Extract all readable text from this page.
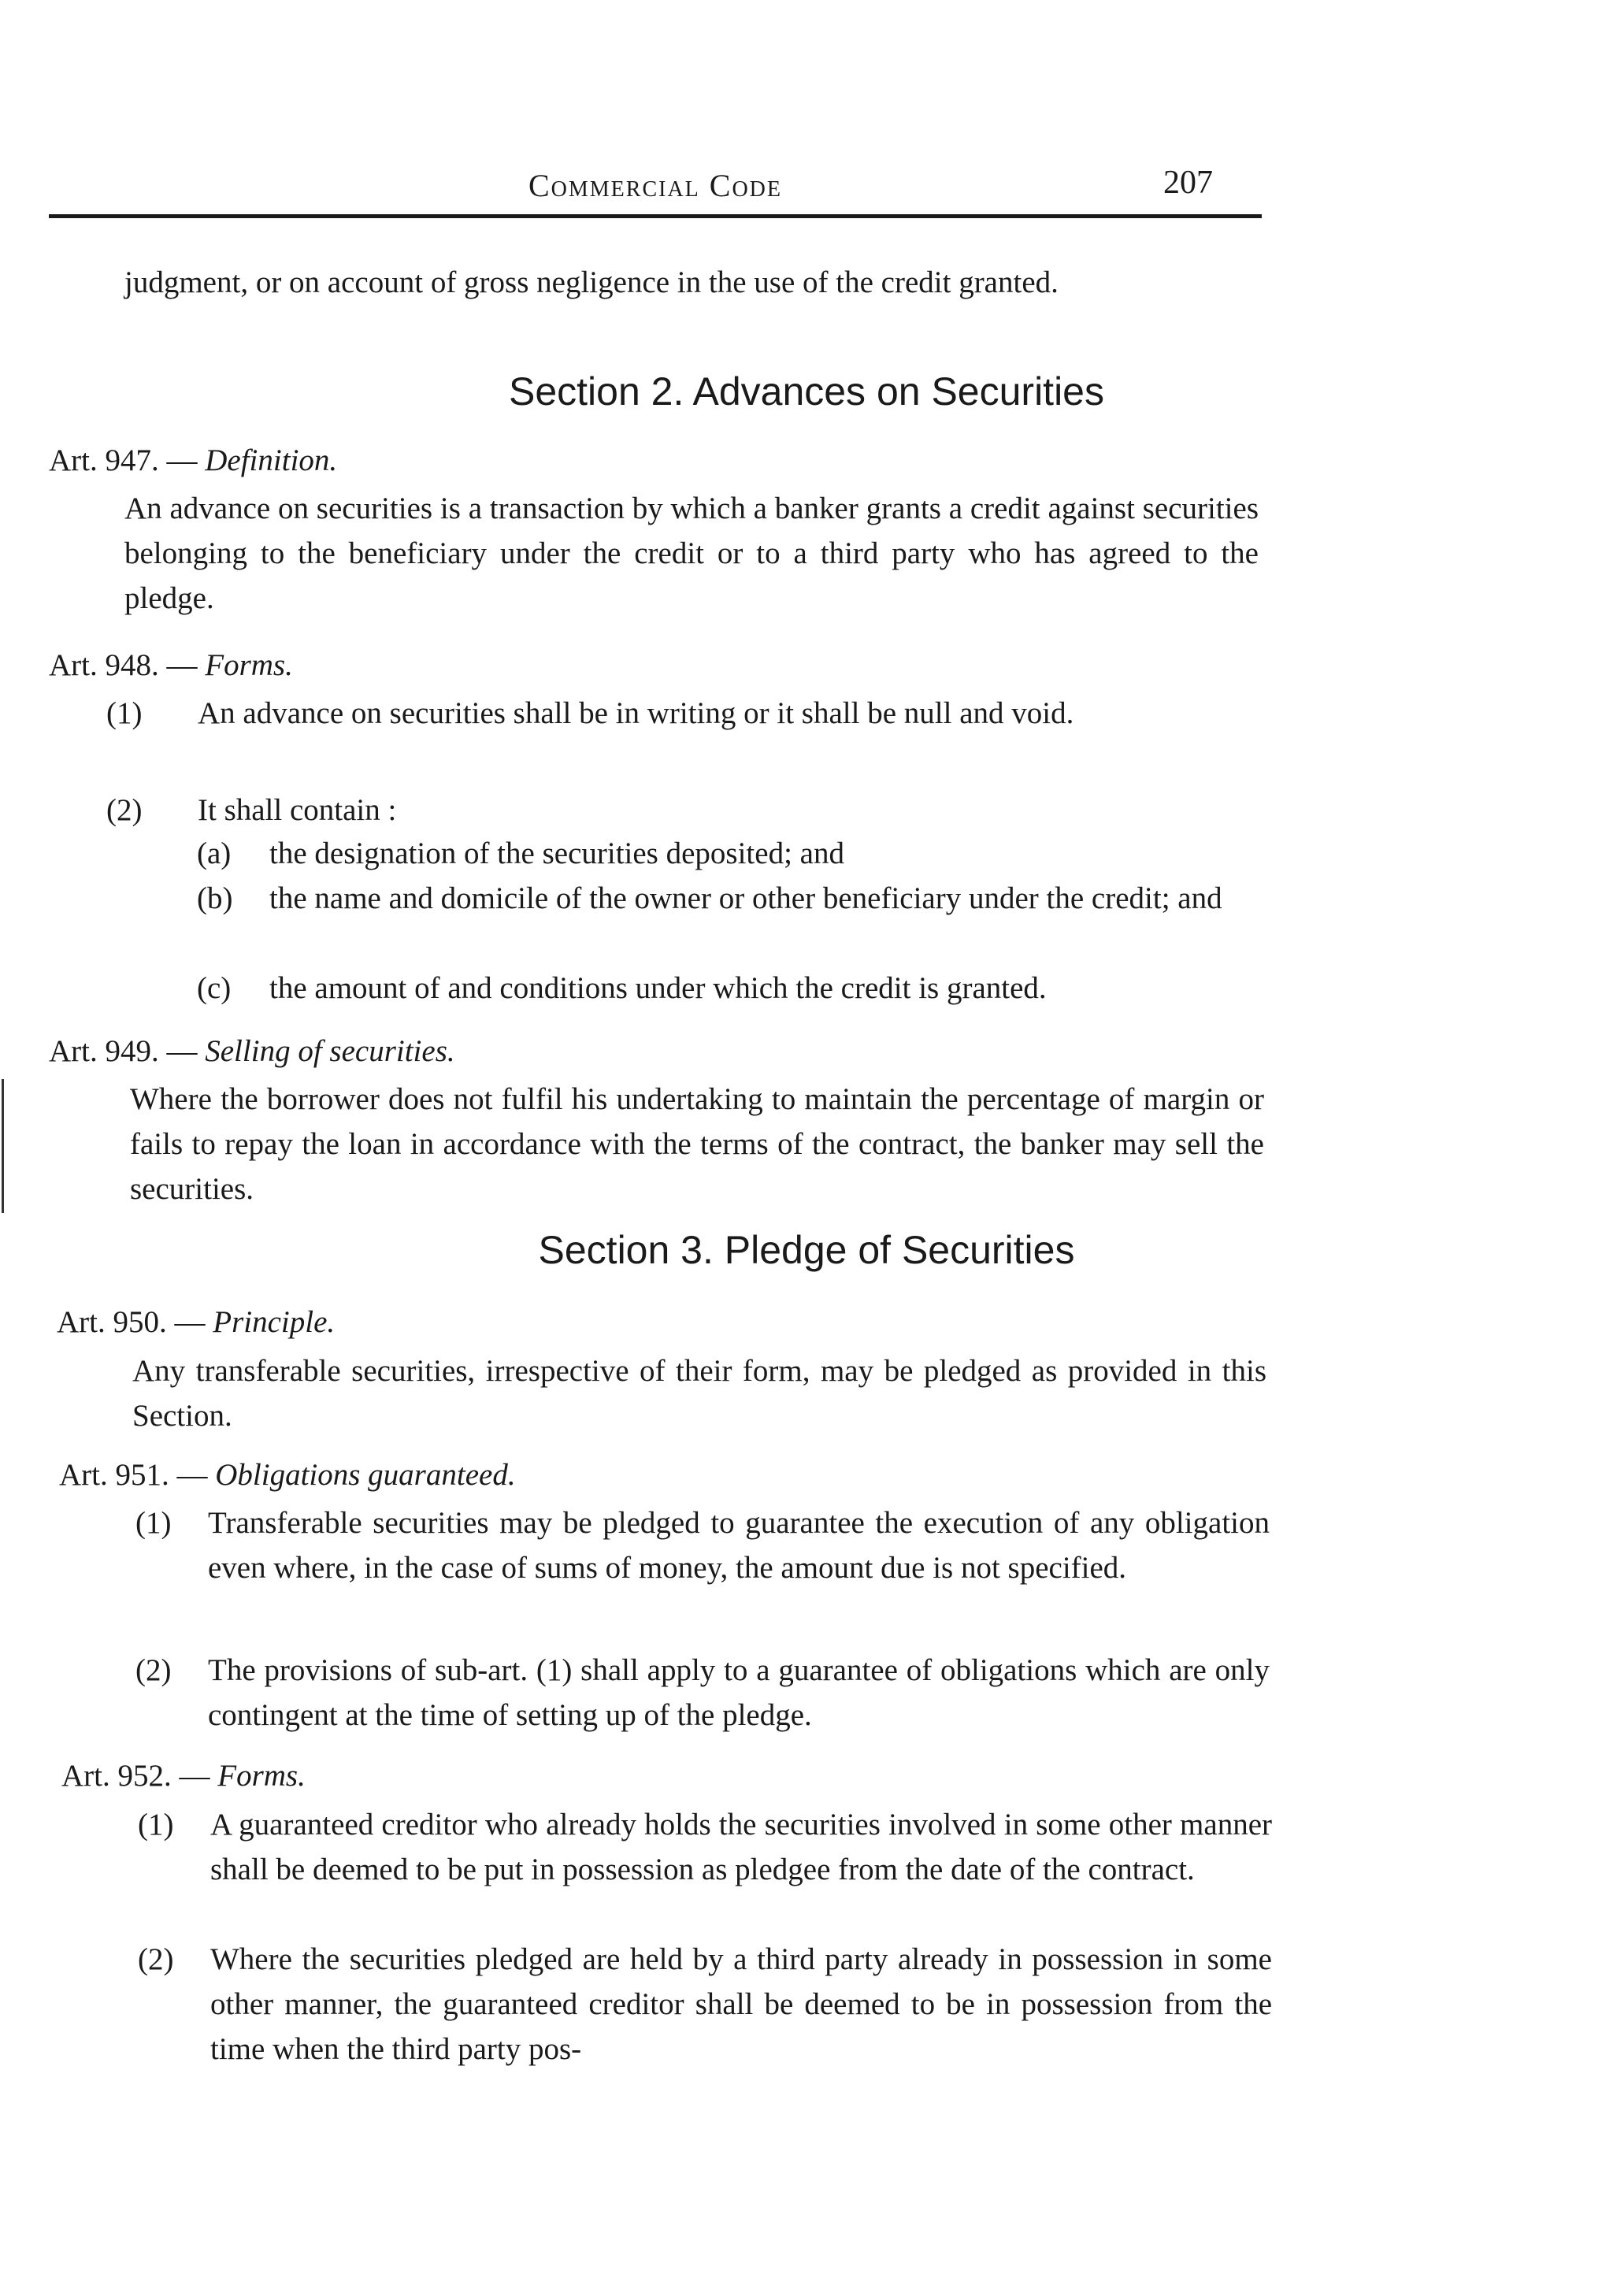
Commercial Code	207
judgment, or on account of gross negligence in the use of the credit granted.
Section 2. Advances on Securities
Art. 947. — Definition.
An advance on securities is a transaction by which a banker grants a credit against securities belonging to the beneficiary under the credit or to a third party who has agreed to the pledge.
Art. 948. — Forms.
(1) An advance on securities shall be in writing or it shall be null and void.
(2) It shall contain :
(a) the designation of the securities deposited; and
(b) the name and domicile of the owner or other beneficiary under the credit; and
(c) the amount of and conditions under which the credit is granted.
Art. 949. — Selling of securities.
Where the borrower does not fulfil his undertaking to maintain the percentage of margin or fails to repay the loan in accordance with the terms of the contract, the banker may sell the securities.
Section 3. Pledge of Securities
Art. 950. — Principle.
Any transferable securities, irrespective of their form, may be pledged as provided in this Section.
Art. 951. — Obligations guaranteed.
(1) Transferable securities may be pledged to guarantee the execution of any obligation even where, in the case of sums of money, the amount due is not specified.
(2) The provisions of sub-art. (1) shall apply to a guarantee of obligations which are only contingent at the time of setting up of the pledge.
Art. 952. — Forms.
(1) A guaranteed creditor who already holds the securities involved in some other manner shall be deemed to be put in possession as pledgee from the date of the contract.
(2) Where the securities pledged are held by a third party already in possession in some other manner, the guaranteed creditor shall be deemed to be in possession from the time when the third party pos-
